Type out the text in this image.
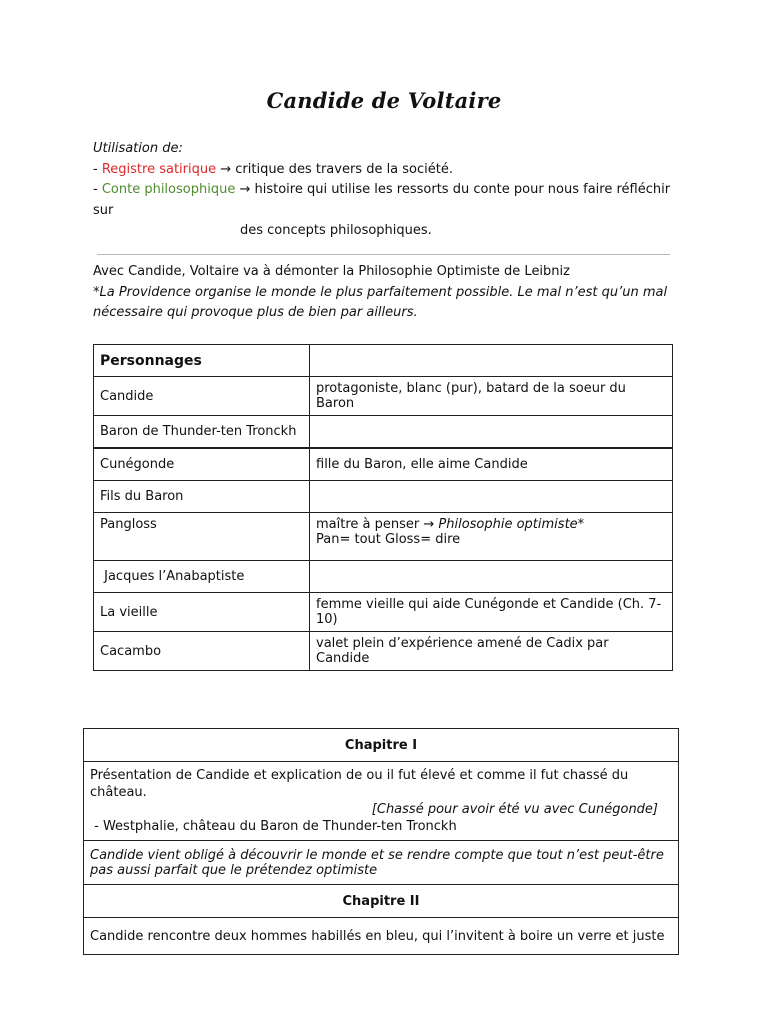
Candide de Voltaire
Utilisation de:
- Registre satirique → critique des travers de la société.
- Conte philosophique → histoire qui utilise les ressorts du conte pour nous faire réfléchir
sur
des concepts philosophiques.
Avec Candide, Voltaire va à démonter la Philosophie Optimiste de Leibniz
*La Providence organise le monde le plus parfaitement possible. Le mal n’est qu’un mal nécessaire qui provoque plus de bien par ailleurs.
Personnages	
Candide	protagoniste, blanc (pur), batard de la soeur du Baron
Baron de Thunder-ten Tronckh	
Cunégonde	fille du Baron, elle aime Candide
Fils du Baron	
Pangloss	maître à penser → Philosophie optimiste*
Pan= tout Gloss= dire

Jacques l’Anabaptiste	
La vieille	femme vieille qui aide Cunégonde et Candide (Ch. 7-10)
Cacambo	valet plein d’expérience amené de Cadix par Candide
Chapitre I

Présentation de Candide et explication de ou il fut élevé et comme il fut chassé du château.
[Chassé pour avoir été vu avec Cunégonde]
- Westphalie, château du Baron de Thunder-ten Tronckh

Candide vient obligé à découvrir le monde et se rendre compte que tout n’est peut-être pas aussi parfait que le prétendez optimiste
Chapitre II
Candide rencontre deux hommes habillés en bleu, qui l’invitent à boire un verre et juste
